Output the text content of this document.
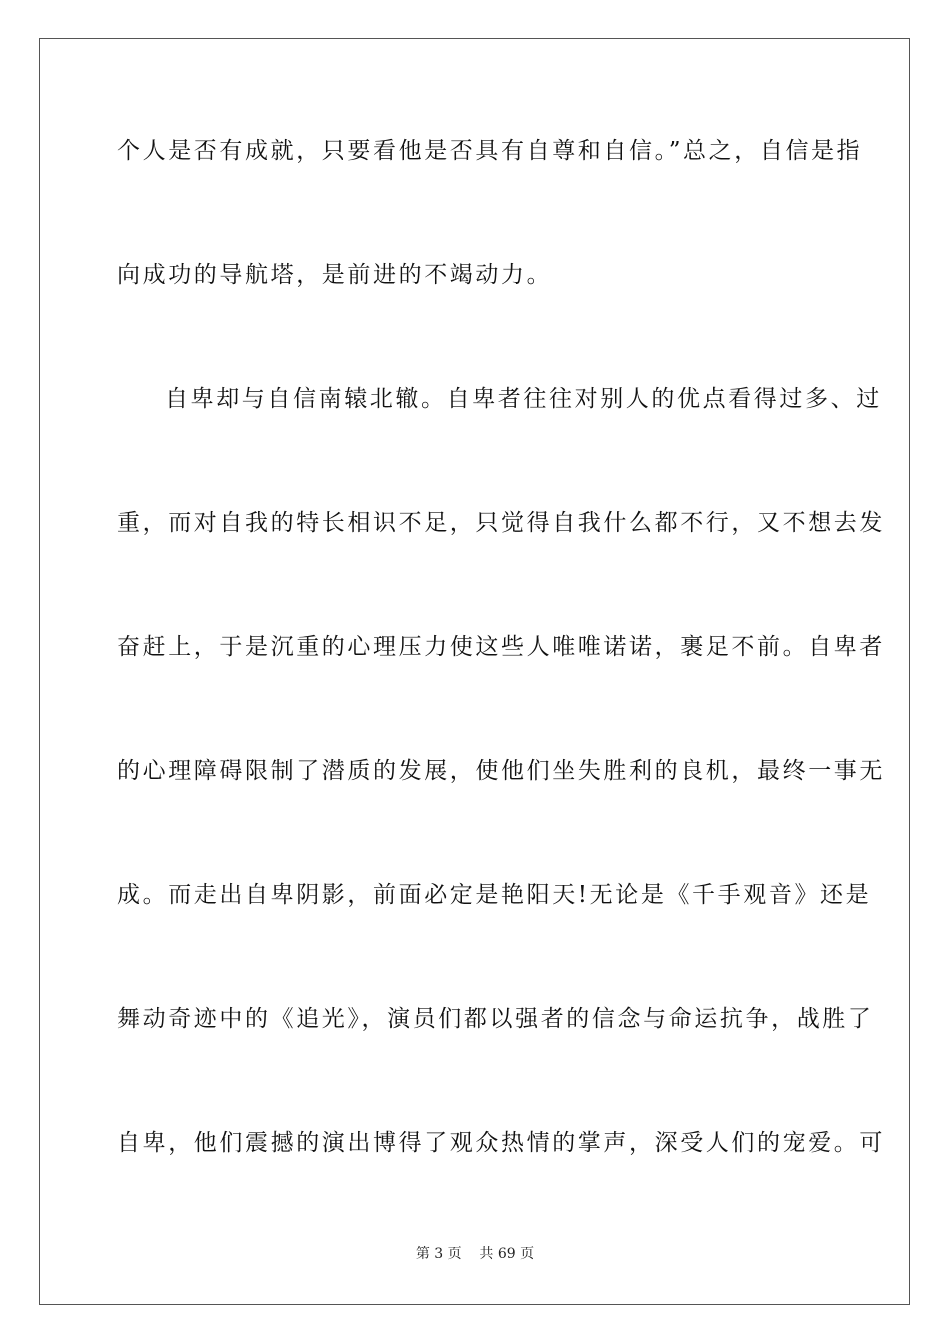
个人是否有成就，只要看他是否具有自尊和自信。”总之，自信是指
向成功的导航塔，是前进的不竭动力。
自卑却与自信南辕北辙。自卑者往往对别人的优点看得过多、过
重，而对自我的特长相识不足，只觉得自我什么都不行，又不想去发
奋赶上，于是沉重的心理压力使这些人唯唯诺诺，裹足不前。自卑者
的心理障碍限制了潜质的发展，使他们坐失胜利的良机，最终一事无
成。而走出自卑阴影，前面必定是艳阳天!无论是《千手观音》还是
舞动奇迹中的《追光》，演员们都以强者的信念与命运抗争，战胜了
自卑，他们震撼的演出博得了观众热情的掌声，深受人们的宠爱。可
第 3 页    共 69 页
